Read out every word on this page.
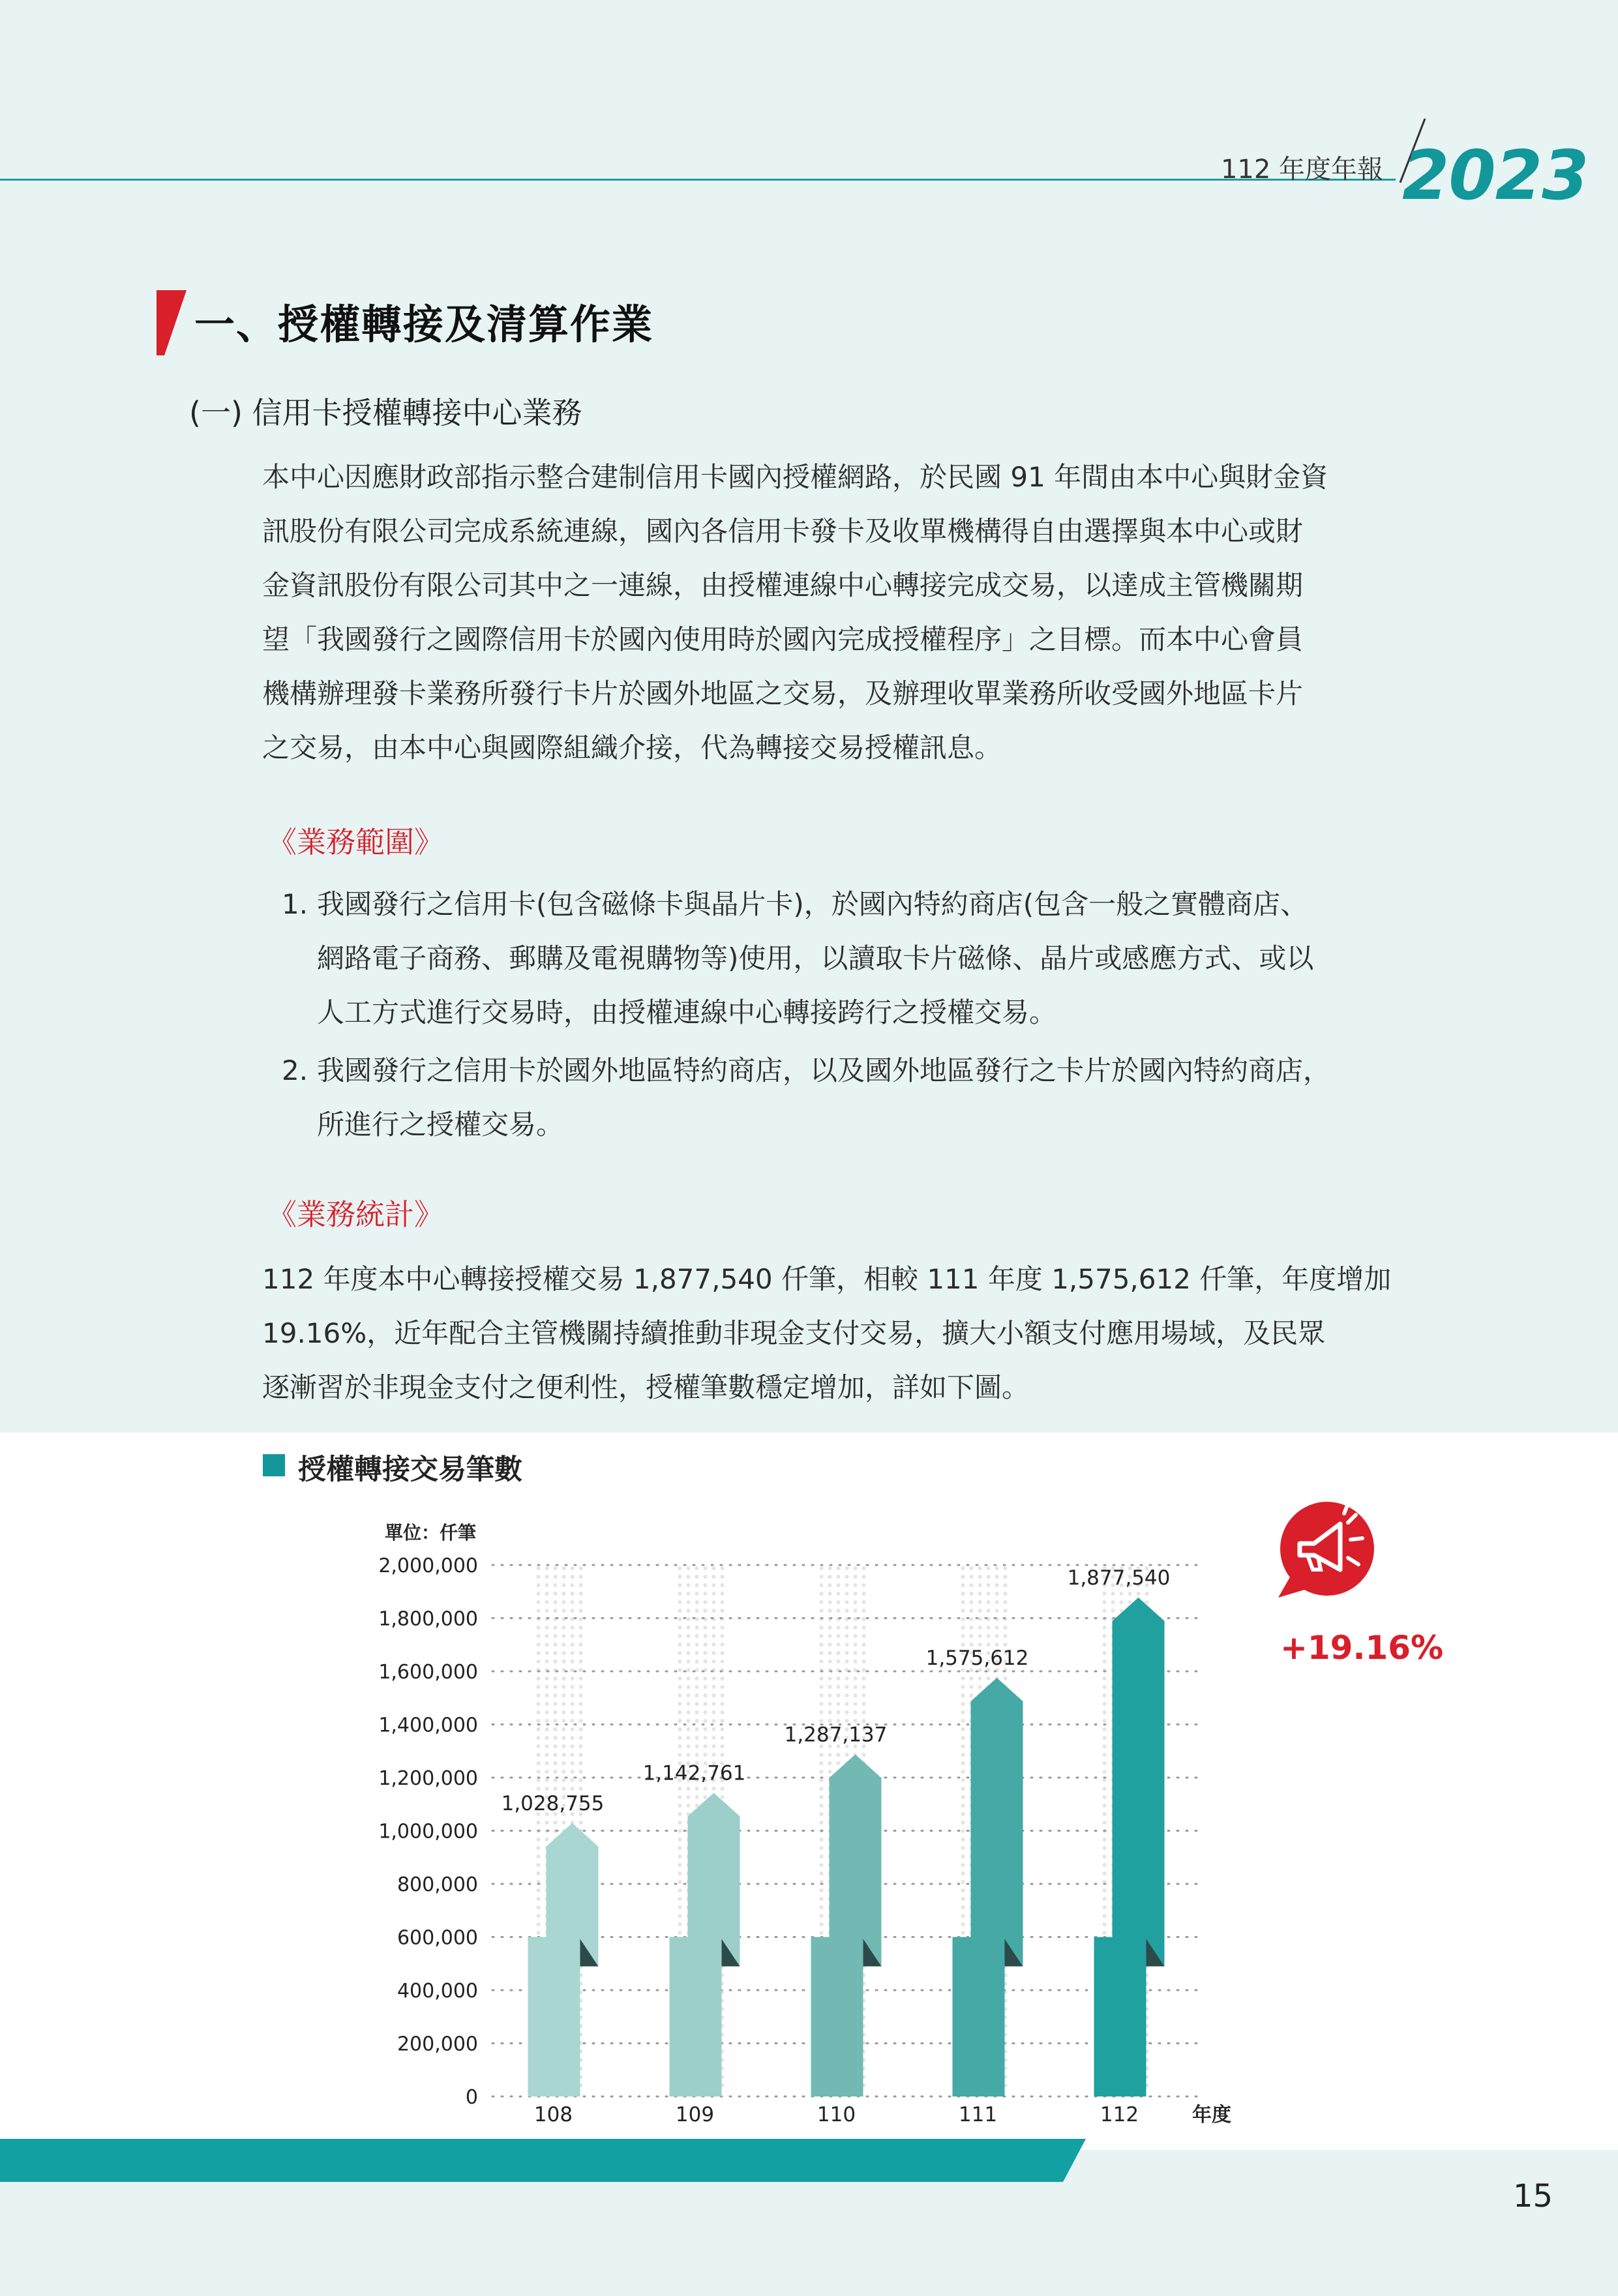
112 年度年報 2023
一、授權轉接及清算作業
(一) 信用卡授權轉接中心業務
本中心因應財政部指示整合建制信用卡國內授權網路，於民國 91 年間由本中心與財金資
訊股份有限公司完成系統連線，國內各信用卡發卡及收單機構得自由選擇與本中心或財
金資訊股份有限公司其中之一連線，由授權連線中心轉接完成交易，以達成主管機關期
望「我國發行之國際信用卡於國內使用時於國內完成授權程序」之目標。而本中心會員
機構辦理發卡業務所發行卡片於國外地區之交易，及辦理收單業務所收受國外地區卡片
之交易，由本中心與國際組織介接，代為轉接交易授權訊息。
《業務範圍》
1. 我國發行之信用卡(包含磁條卡與晶片卡)，於國內特約商店(包含一般之實體商店、
網路電子商務、郵購及電視購物等)使用，以讀取卡片磁條、晶片或感應方式、或以
人工方式進行交易時，由授權連線中心轉接跨行之授權交易。
2. 我國發行之信用卡於國外地區特約商店，以及國外地區發行之卡片於國內特約商店，
所進行之授權交易。
《業務統計》
112 年度本中心轉接授權交易 1,877,540 仟筆，相較 111 年度 1,575,612 仟筆，年度增加
19.16%，近年配合主管機關持續推動非現金支付交易，擴大小額支付應用場域，及民眾
逐漸習於非現金支付之便利性，授權筆數穩定增加，詳如下圖。
授權轉接交易筆數
單位：仟筆
0
200,000
400,000
600,000
800,000
1,000,000
1,200,000
1,400,000
1,600,000
1,800,000
2,000,000
1,028,755
108
1,142,761
109
1,287,137
110
1,575,612
111
1,877,540
112	年度
+19.16%
15
